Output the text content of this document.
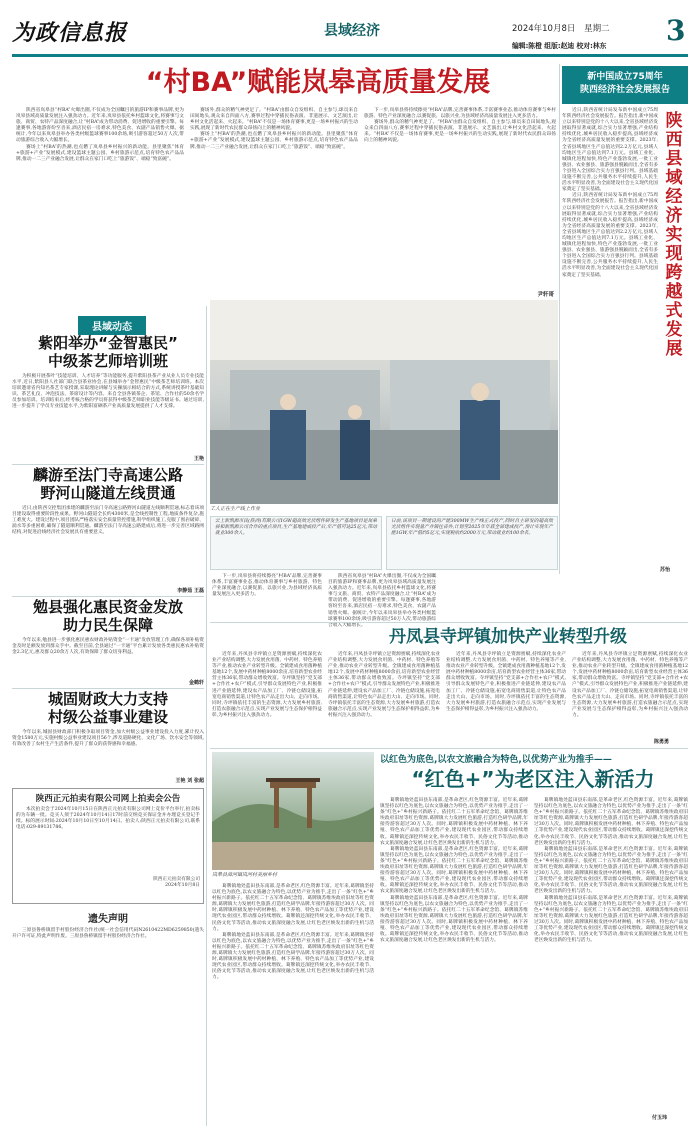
为政信息报	县域经济	2024年10月8日 星期二	3
编辑:陈橙 组版:赵迪 校对:林东
“村BA”赋能岚皋高质量发展

陕西省岚皋县“村BA”火爆出圈,不仅成为全国瞩目的旅游IP和赛事品牌,更为岚皋县域高质量发展注入强劲动力。近年来,岚皋县依托乡村篮球文化,将赛事与文旅、商贸、农特产品深度融合,让“村BA”成为带动消费、促进增收的重要引擎。每逢赛事,各地游客纷至沓来,酒店民宿一房难求,特色美食、农副产品销售火爆。据统计,今年以来岚皋县举办各类村级篮球赛事100余场,吸引游客超过50万人次,带动旅游综合收入大幅增长。

赛场上“村BA”的热潮,也点燃了岚皋县乡村振兴的新动能。县里聚焦“体育+旅游+产业”发展模式,建设篮球主题公园、乡村旅游示范点,培育特色农产品品牌,推动一二三产业融合发展,让群众在家门口吃上“旅游饭”、端稳“致富碗”。

赛场外,群众的精气神更足了。“村BA”由群众自发组织、自主参与,球员来自田间地头,观众来自四面八方,赛事过程中穿插民俗表演、非遗展示、文艺演出,让乡村文化活起来、火起来。“村BA”不仅是一场体育赛事,更是一场乡村振兴的生动实践,展现了新时代农民群众昂扬向上的精神风貌。

赛场上“村BA”的热潮,也点燃了岚皋县乡村振兴的新动能。县里聚焦“体育+旅游+产业”发展模式,建设篮球主题公园、乡村旅游示范点,培育特色农产品品牌,推动一二三产业融合发展,让群众在家门口吃上“旅游饭”、端稳“致富碗”。

下一步,岚皋县将持续擦亮“村BA”品牌,完善赛事体系,丰富赛事业态,推动体育赛事与乡村旅游、特色产业深度融合,以赛促旅、以旅兴业,为县域经济高质量发展注入更多活力。

赛场外,群众的精气神更足了。“村BA”由群众自发组织、自主参与,球员来自田间地头,观众来自四面八方,赛事过程中穿插民俗表演、非遗展示、文艺演出,让乡村文化活起来、火起来。“村BA”不仅是一场体育赛事,更是一场乡村振兴的生动实践,展现了新时代农民群众昂扬向上的精神风貌。

尹轩哥
新中国成立75周年
陕西经济社会发展报告

近日,陕西省统计局发布新中国成立75周年陕西经济社会发展报告。报告指出,新中国成立以来特别是党的十八大以来,全省县域经济发展取得显著成就,综合实力显著增强,产业结构持续优化,城乡居民收入稳步提高,县域经济成为全省经济高质量发展的重要支撑。2023年,全省县域地区生产总值达到2.2万亿元,县域人均地区生产总值达到7.1万元。县域工业化、城镇化进程加快,特色产业蓬勃发展,一批工业强县、农业强县、旅游强县脱颖而出,全省有多个县进入全国综合实力百强县行列。县域基础设施不断完善,公共服务水平持续提升,人民生活水平明显改善,为全面建设社会主义现代化国家奠定了坚实基础。

近日,陕西省统计局发布新中国成立75周年陕西经济社会发展报告。报告指出,新中国成立以来特别是党的十八大以来,全省县域经济发展取得显著成就,综合实力显著增强,产业结构持续优化,城乡居民收入稳步提高,县域经济成为全省经济高质量发展的重要支撑。2023年,全省县域地区生产总值达到2.2万亿元,县域人均地区生产总值达到7.1万元。县域工业化、城镇化进程加快,特色产业蓬勃发展,一批工业强县、农业强县、旅游强县脱颖而出,全省有多个县进入全国综合实力百强县行列。县域基础设施不断完善,公共服务水平持续提升,人民生活水平明显改善,为全面建设社会主义现代化国家奠定了坚实基础。

陕西县域经济实现跨越式发展
苏怡
县域动态
紫阳举办“金智惠民”
中级茶艺师培训班

为积极开展茶叶“技能培训、人才培养”等功能服务,提升紫阳县茶产业从业人员专业技能水平,近日,紫阳县人社部门联合县茶业协会,在县城举办“金智惠民”中级茶艺师培训班。本次培训邀请省内知名茶艺专家授课,采取理论讲解与实操演示相结合的方式,系统讲授茶叶基础知识、茶艺礼仪、冲泡技法、茶席设计等内容。来自全县各镇茶企、茶馆、合作社的50余名学员参加培训。培训结束后,经考核合格的学员将获得中级茶艺师职业技能等级证书。通过培训,进一步提升了学员专业技能水平,为紫阳富硒茶产业高质量发展提供了人才支撑。

王艳
麟游至法门寺高速公路
野河山隧道左线贯通

近日,由陕西交控集团承建的麟游至法门寺高速公路野河山隧道左线顺利贯通,标志着该项目建设取得重要阶段性成果。野河山隧道全长约4300米,是全线控制性工程,地质条件复杂,施工难度大。建设过程中,项目团队严格落实安全质量管控措施,科学组织施工,克服了围岩破碎、涌水等多重困难,确保了隧道顺利贯通。麟游至法门寺高速公路建成后,将进一步完善区域路网结构,对促进沿线经济社会发展具有重要意义。

李静茹 王磊
勉县强化惠民资金发放
助力民生保障

今年以来,勉县进一步强化惠民惠农财政补贴资金“一卡通”发放管理工作,确保各项补贴资金及时足额发放到群众手中。截至目前,全县通过“一卡通”平台累计发放各类惠民惠农补贴资金2.3亿元,惠及群众20余万人次,有效保障了群众切身利益。

金鹤轩
城固财政大力支持
村级公益事业建设

今年以来,城固县财政部门积极争取项目资金,加大村级公益事业建设投入力度,累计投入资金1580万元,实施村级公益事业建设项目56个,涉及道路硬化、文化广场、饮水安全等领域,有效改善了农村生产生活条件,提升了群众的获得感和幸福感。

王艳 刘 张超
陕西正元拍卖有限公司网上拍卖会公告

本次拍卖会于2024年10月15日在陕西正元拍卖有限公司网上竞价平台举行,拍卖标的为车辆一批。竞买人须于2024年10月14日17时前交纳竞买保证金并办理竞买登记手续。标的展示时间:2024年10月10日至10月14日。拍卖人:陕西正元拍卖有限公司,联系电话:029-89131786。

陕西正元拍卖有限公司
2024年10月8日
遗失声明

三原县鲁桥镇留手村股份经济合作社(统一社会信用代码N2610422MD6259850)遗失开户许可证,特此声明作废。三原县鲁桥镇留手村股份经济合作社。

工人正在生产线上作业

云上新凯源市民(陕西)有限公司1GW超高效光伏组件研发生产基地项目是岚皋县和新凯源公司合作的重点项目,生产基地建成投产后,年产值可达25亿元,带动就业300余人。

日前,该项目一期建设的产能300MW生产线正式投产,同时自主研发的超高效光伏组件实现量产并销往省外,计划至2025年年底全部建成投产,预计实现年产能1GW,年产值约5亿元,实现税收约2000万元,带动就业约100余名。

下一步,岚皋县将持续擦亮“村BA”品牌,完善赛事体系,丰富赛事业态,推动体育赛事与乡村旅游、特色产业深度融合,以赛促旅、以旅兴业,为县域经济高质量发展注入更多活力。

陕西省岚皋县“村BA”火爆出圈,不仅成为全国瞩目的旅游IP和赛事品牌,更为岚皋县域高质量发展注入强劲动力。近年来,岚皋县依托乡村篮球文化,将赛事与文旅、商贸、农特产品深度融合,让“村BA”成为带动消费、促进增收的重要引擎。每逢赛事,各地游客纷至沓来,酒店民宿一房难求,特色美食、农副产品销售火爆。据统计,今年以来岚皋县举办各类村级篮球赛事100余场,吸引游客超过50万人次,带动旅游综合收入大幅增长。

丹凤县寺坪镇加快产业转型升级

近年来,丹凤县寺坪镇立足资源禀赋,持续深化农业产业结构调整,大力发展食用菌、中药材、特色养殖等产业,推动农业产业转型升级。全镇建成食用菌种植基地12个,发展中药材种植8000余亩,培育新型农业经营主体36家,带动群众增收致富。寺坪镇坚持“党支部+合作社+农户”模式,引导群众发展特色产业,积极推进产业链延伸,建设农产品加工厂、冷链仓储设施,拓宽电商销售渠道,让特色农产品走出大山、走向市场。同时,寺坪镇依托丰富的生态资源,大力发展乡村旅游,打造农旅融合示范点,实现产业发展与生态保护相得益彰,为乡村振兴注入强劲动力。

近年来,丹凤县寺坪镇立足资源禀赋,持续深化农业产业结构调整,大力发展食用菌、中药材、特色养殖等产业,推动农业产业转型升级。全镇建成食用菌种植基地12个,发展中药材种植8000余亩,培育新型农业经营主体36家,带动群众增收致富。寺坪镇坚持“党支部+合作社+农户”模式,引导群众发展特色产业,积极推进产业链延伸,建设农产品加工厂、冷链仓储设施,拓宽电商销售渠道,让特色农产品走出大山、走向市场。同时,寺坪镇依托丰富的生态资源,大力发展乡村旅游,打造农旅融合示范点,实现产业发展与生态保护相得益彰,为乡村振兴注入强劲动力。

近年来,丹凤县寺坪镇立足资源禀赋,持续深化农业产业结构调整,大力发展食用菌、中药材、特色养殖等产业,推动农业产业转型升级。全镇建成食用菌种植基地12个,发展中药材种植8000余亩,培育新型农业经营主体36家,带动群众增收致富。寺坪镇坚持“党支部+合作社+农户”模式,引导群众发展特色产业,积极推进产业链延伸,建设农产品加工厂、冷链仓储设施,拓宽电商销售渠道,让特色农产品走出大山、走向市场。同时,寺坪镇依托丰富的生态资源,大力发展乡村旅游,打造农旅融合示范点,实现产业发展与生态保护相得益彰,为乡村振兴注入强劲动力。

近年来,丹凤县寺坪镇立足资源禀赋,持续深化农业产业结构调整,大力发展食用菌、中药材、特色养殖等产业,推动农业产业转型升级。全镇建成食用菌种植基地12个,发展中药材种植8000余亩,培育新型农业经营主体36家,带动群众增收致富。寺坪镇坚持“党支部+合作社+农户”模式,引导群众发展特色产业,积极推进产业链延伸,建设农产品加工厂、冷链仓储设施,拓宽电商销售渠道,让特色农产品走出大山、走向市场。同时,寺坪镇依托丰富的生态资源,大力发展乡村旅游,打造农旅融合示范点,实现产业发展与生态保护相得益彰,为乡村振兴注入强劲动力。

陈勇勇
以红色为底色,以农文旅融合为特色,以优势产业为推手——
“红色+”为老区注入新活力
岚皋县漳河镇岚河村美丽乡村

葛牌镇地处蓝田县东南部,是革命老区,红色资源丰富。近年来,葛牌镇坚持以红色为底色,以农文旅融合为特色,以优势产业为推手,走出了一条“红色+”乡村振兴新路子。依托红二十五军革命纪念馆、葛牌镇苏维埃政府旧址等红色资源,葛牌镇大力发展红色旅游,打造红色研学品牌,年接待游客超过30万人次。同时,葛牌镇积极发展中药材种植、林下养殖、特色农产品加工等优势产业,建设现代农业园区,带动群众持续增收。葛牌镇还深挖传统文化,举办农民丰收节、民俗文化节等活动,推动农文旅深度融合发展,让红色老区焕发出新的生机与活力。

葛牌镇地处蓝田县东南部,是革命老区,红色资源丰富。近年来,葛牌镇坚持以红色为底色,以农文旅融合为特色,以优势产业为推手,走出了一条“红色+”乡村振兴新路子。依托红二十五军革命纪念馆、葛牌镇苏维埃政府旧址等红色资源,葛牌镇大力发展红色旅游,打造红色研学品牌,年接待游客超过30万人次。同时,葛牌镇积极发展中药材种植、林下养殖、特色农产品加工等优势产业,建设现代农业园区,带动群众持续增收。葛牌镇还深挖传统文化,举办农民丰收节、民俗文化节等活动,推动农文旅深度融合发展,让红色老区焕发出新的生机与活力。

葛牌镇地处蓝田县东南部,是革命老区,红色资源丰富。近年来,葛牌镇坚持以红色为底色,以农文旅融合为特色,以优势产业为推手,走出了一条“红色+”乡村振兴新路子。依托红二十五军革命纪念馆、葛牌镇苏维埃政府旧址等红色资源,葛牌镇大力发展红色旅游,打造红色研学品牌,年接待游客超过30万人次。同时,葛牌镇积极发展中药材种植、林下养殖、特色农产品加工等优势产业,建设现代农业园区,带动群众持续增收。葛牌镇还深挖传统文化,举办农民丰收节、民俗文化节等活动,推动农文旅深度融合发展,让红色老区焕发出新的生机与活力。

葛牌镇地处蓝田县东南部,是革命老区,红色资源丰富。近年来,葛牌镇坚持以红色为底色,以农文旅融合为特色,以优势产业为推手,走出了一条“红色+”乡村振兴新路子。依托红二十五军革命纪念馆、葛牌镇苏维埃政府旧址等红色资源,葛牌镇大力发展红色旅游,打造红色研学品牌,年接待游客超过30万人次。同时,葛牌镇积极发展中药材种植、林下养殖、特色农产品加工等优势产业,建设现代农业园区,带动群众持续增收。葛牌镇还深挖传统文化,举办农民丰收节、民俗文化节等活动,推动农文旅深度融合发展,让红色老区焕发出新的生机与活力。

葛牌镇地处蓝田县东南部,是革命老区,红色资源丰富。近年来,葛牌镇坚持以红色为底色,以农文旅融合为特色,以优势产业为推手,走出了一条“红色+”乡村振兴新路子。依托红二十五军革命纪念馆、葛牌镇苏维埃政府旧址等红色资源,葛牌镇大力发展红色旅游,打造红色研学品牌,年接待游客超过30万人次。同时,葛牌镇积极发展中药材种植、林下养殖、特色农产品加工等优势产业,建设现代农业园区,带动群众持续增收。葛牌镇还深挖传统文化,举办农民丰收节、民俗文化节等活动,推动农文旅深度融合发展,让红色老区焕发出新的生机与活力。

葛牌镇地处蓝田县东南部,是革命老区,红色资源丰富。近年来,葛牌镇坚持以红色为底色,以农文旅融合为特色,以优势产业为推手,走出了一条“红色+”乡村振兴新路子。依托红二十五军革命纪念馆、葛牌镇苏维埃政府旧址等红色资源,葛牌镇大力发展红色旅游,打造红色研学品牌,年接待游客超过30万人次。同时,葛牌镇积极发展中药材种植、林下养殖、特色农产品加工等优势产业,建设现代农业园区,带动群众持续增收。葛牌镇还深挖传统文化,举办农民丰收节、民俗文化节等活动,推动农文旅深度融合发展,让红色老区焕发出新的生机与活力。

葛牌镇地处蓝田县东南部,是革命老区,红色资源丰富。近年来,葛牌镇坚持以红色为底色,以农文旅融合为特色,以优势产业为推手,走出了一条“红色+”乡村振兴新路子。依托红二十五军革命纪念馆、葛牌镇苏维埃政府旧址等红色资源,葛牌镇大力发展红色旅游,打造红色研学品牌,年接待游客超过30万人次。同时,葛牌镇积极发展中药材种植、林下养殖、特色农产品加工等优势产业,建设现代农业园区,带动群众持续增收。葛牌镇还深挖传统文化,举办农民丰收节、民俗文化节等活动,推动农文旅深度融合发展,让红色老区焕发出新的生机与活力。

葛牌镇地处蓝田县东南部,是革命老区,红色资源丰富。近年来,葛牌镇坚持以红色为底色,以农文旅融合为特色,以优势产业为推手,走出了一条“红色+”乡村振兴新路子。依托红二十五军革命纪念馆、葛牌镇苏维埃政府旧址等红色资源,葛牌镇大力发展红色旅游,打造红色研学品牌,年接待游客超过30万人次。同时,葛牌镇积极发展中药材种植、林下养殖、特色农产品加工等优势产业,建设现代农业园区,带动群众持续增收。葛牌镇还深挖传统文化,举办农民丰收节、民俗文化节等活动,推动农文旅深度融合发展,让红色老区焕发出新的生机与活力。

付玉玮
